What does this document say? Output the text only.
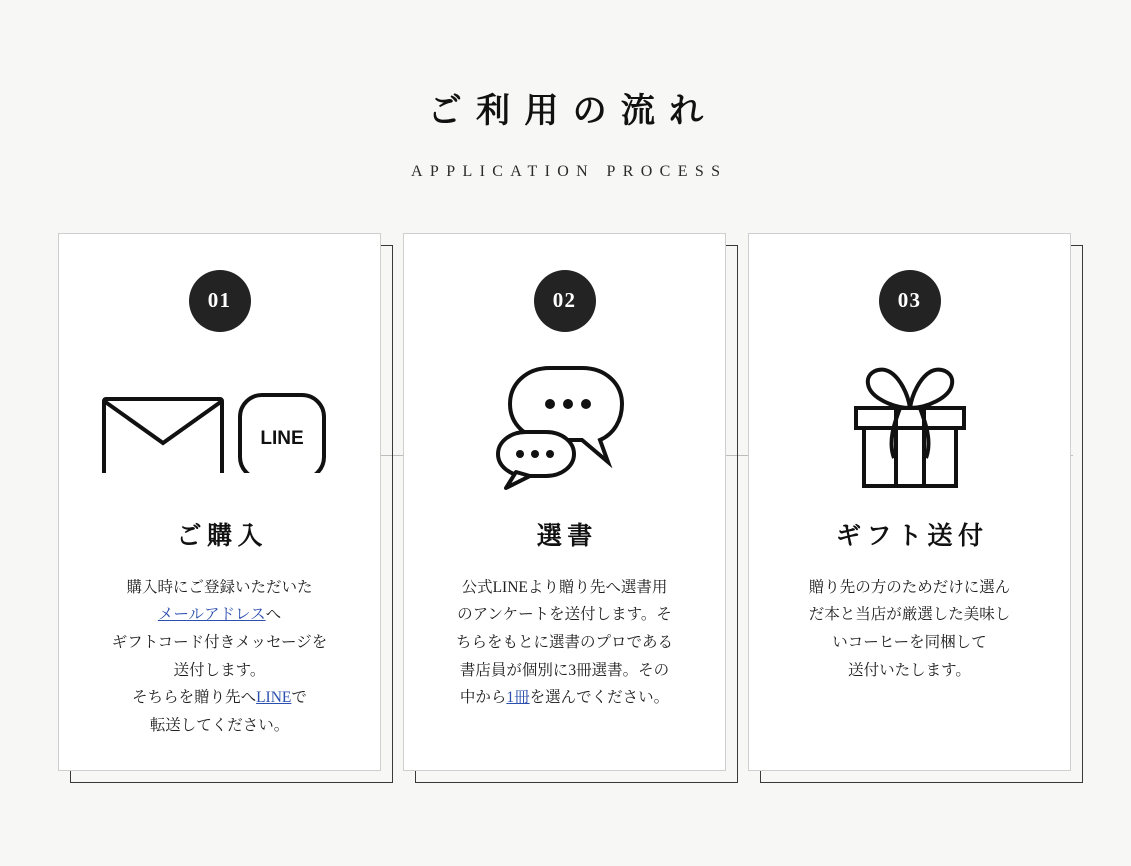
ご利用の流れ

APPLICATION PROCESS

01
LINE
ご購入

購入時にご登録いただいた

メールアドレスへ

ギフトコード付きメッセージを

送付します。

そちらを贈り先へLINEで

転送してください。

02
選書

公式LINEより贈り先へ選書用

のアンケートを送付します。そ

ちらをもとに選書のプロである

書店員が個別に3冊選書。その

中から1冊を選んでください。

03
ギフト送付

贈り先の方のためだけに選ん

だ本と当店が厳選した美味し

いコーヒーを同梱して

送付いたします。
